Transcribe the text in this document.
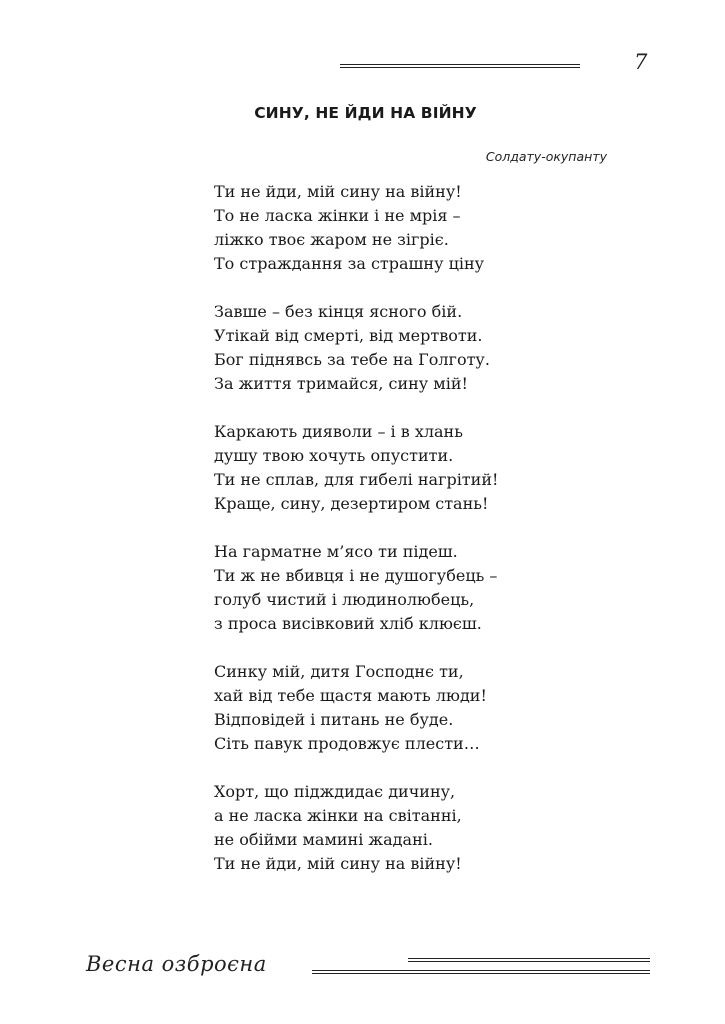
7
СИНУ, НЕ ЙДИ НА ВІЙНУ
Солдату-окупанту
Ти не йди, мій сину на війну!
То не ласка жінки і не мрія –
ліжко твоє жаром не зігріє.
То страждання за страшну ціну
Завше – без кінця ясного бій.
Утікай від смерті, від мертвоти.
Бог піднявсь за тебе на Голготу.
За життя тримайся, сину мій!
Каркають дияволи – і в хлань
душу твою хочуть опустити.
Ти не сплав, для гибелі нагрітий!
Краще, сину, дезертиром стань!
На гарматне м’ясо ти підеш.
Ти ж не вбивця і не душогубець –
голуб чистий і людинолюбець,
з проса висівковий хліб клюєш.
Синку мій, дитя Господнє ти,
хай від тебе щастя мають люди!
Відповідей і питань не буде.
Сіть павук продовжує плести…
Хорт, що підждидає дичину,
а не ласка жінки на світанні,
не обійми мамині жадані.
Ти не йди, мій сину на війну!
Весна озброєна
